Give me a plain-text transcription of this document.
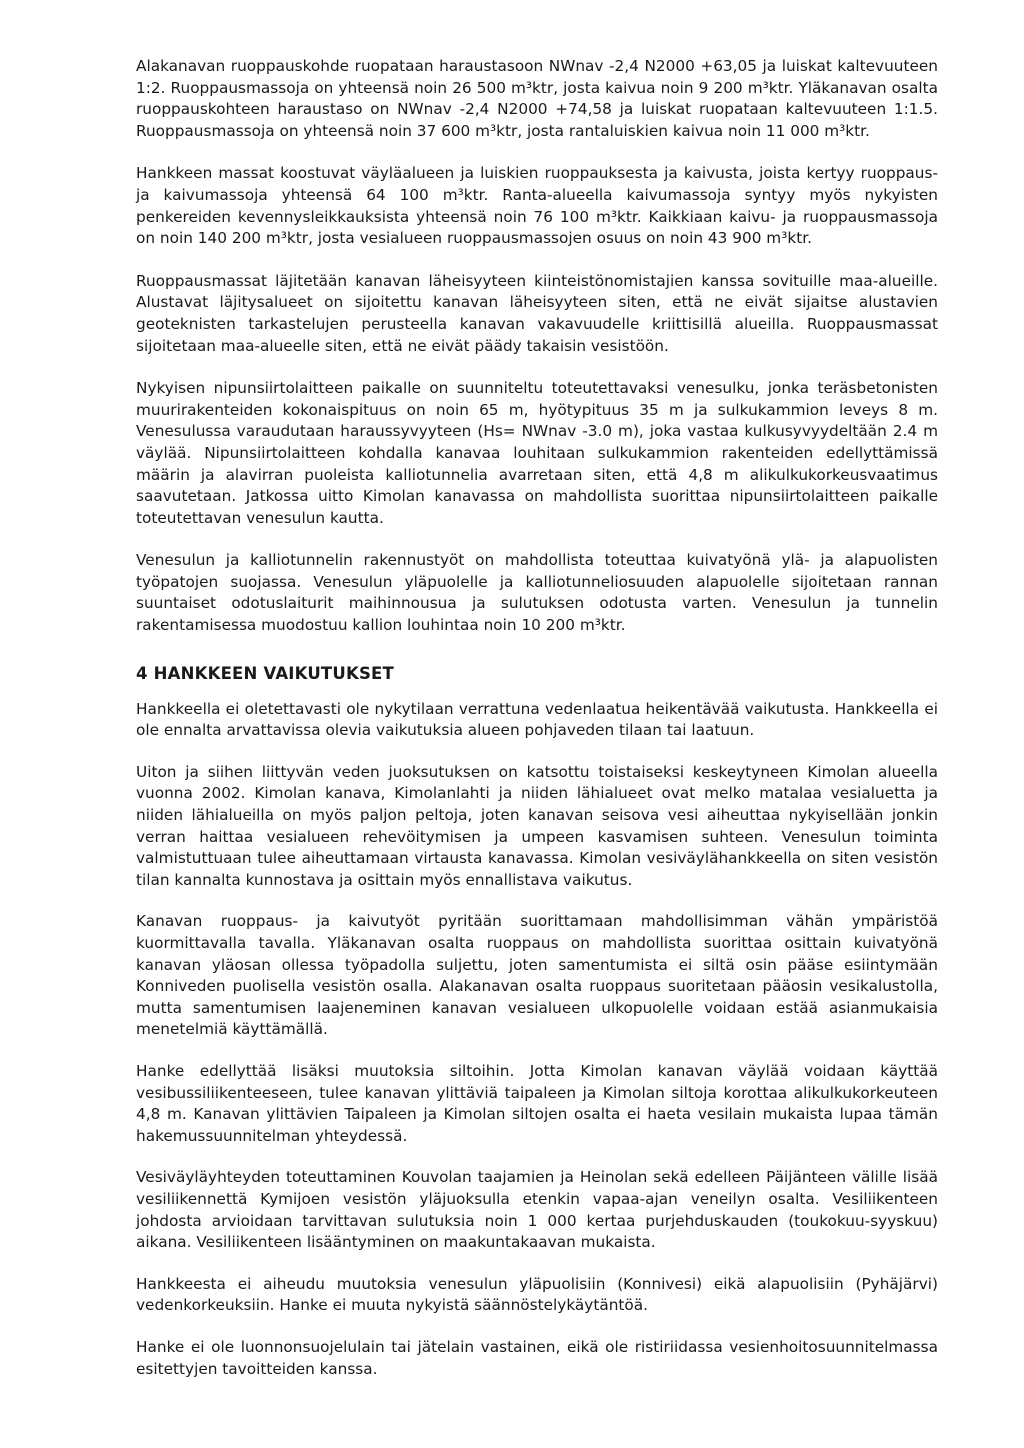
Alakanavan ruoppauskohde ruopataan haraustasoon NWnav -2,4 N2000 +63,05 ja luiskat kaltevuuteen 1:2. Ruoppausmassoja on yhteensä noin 26 500 m³ktr, josta kaivua noin 9 200 m³ktr. Yläkanavan osalta ruoppauskohteen haraustaso on NWnav -2,4 N2000 +74,58 ja luiskat ruopataan kaltevuuteen 1:1.5. Ruoppausmassoja on yhteensä noin 37 600 m³ktr, josta rantaluiskien kaivua noin 11 000 m³ktr.

Hankkeen massat koostuvat väyläalueen ja luiskien ruoppauksesta ja kaivusta, joista kertyy ruoppaus- ja kaivumassoja yhteensä 64 100 m³ktr. Ranta-alueella kaivumassoja syntyy myös nykyisten penkereiden kevennysleikkauksista yhteensä noin 76 100 m³ktr. Kaikkiaan kaivu- ja ruoppausmassoja on noin 140 200 m³ktr, josta vesialueen ruoppausmassojen osuus on noin 43 900 m³ktr.

Ruoppausmassat läjitetään kanavan läheisyyteen kiinteistönomistajien kanssa sovituille maa-alueille. Alustavat läjitysalueet on sijoitettu kanavan läheisyyteen siten, että ne eivät sijaitse alustavien geoteknisten tarkastelujen perusteella kanavan vakavuudelle kriittisillä alueilla. Ruoppausmassat sijoitetaan maa-alueelle siten, että ne eivät päädy takaisin vesistöön.

Nykyisen nipunsiirtolaitteen paikalle on suunniteltu toteutettavaksi venesulku, jonka teräsbetonisten muurirakenteiden kokonaispituus on noin 65 m, hyötypituus 35 m ja sulkukammion leveys 8 m. Venesulussa varaudutaan haraussyvyyteen (Hs= NWnav -3.0 m), joka vastaa kulkusyvyydeltään 2.4 m väylää. Nipunsiirtolaitteen kohdalla kanavaa louhitaan sulkukammion rakenteiden edellyttämissä määrin ja alavirran puoleista kalliotunnelia avarretaan siten, että 4,8 m alikulkukorkeusvaatimus saavutetaan. Jatkossa uitto Kimolan kanavassa on mahdollista suorittaa nipunsiirtolaitteen paikalle toteutettavan venesulun kautta.

Venesulun ja kalliotunnelin rakennustyöt on mahdollista toteuttaa kuivatyönä ylä- ja alapuolisten työpatojen suojassa. Venesulun yläpuolelle ja kalliotunneliosuuden alapuolelle sijoitetaan rannan suuntaiset odotuslaiturit maihinnousua ja sulutuksen odotusta varten. Venesulun ja tunnelin rakentamisessa muodostuu kallion louhintaa noin 10 200 m³ktr.

4 HANKKEEN VAIKUTUKSET

Hankkeella ei oletettavasti ole nykytilaan verrattuna vedenlaatua heikentävää vaikutusta. Hankkeella ei ole ennalta arvattavissa olevia vaikutuksia alueen pohjaveden tilaan tai laatuun.

Uiton ja siihen liittyvän veden juoksutuksen on katsottu toistaiseksi keskeytyneen Kimolan alueella vuonna 2002. Kimolan kanava, Kimolanlahti ja niiden lähialueet ovat melko matalaa vesialuetta ja niiden lähialueilla on myös paljon peltoja, joten kanavan seisova vesi aiheuttaa nykyisellään jonkin verran haittaa vesialueen rehevöitymisen ja umpeen kasvamisen suhteen. Venesulun toiminta valmistuttuaan tulee aiheuttamaan virtausta kanavassa. Kimolan vesiväylähankkeella on siten vesistön tilan kannalta kunnostava ja osittain myös ennallistava vaikutus.

Kanavan ruoppaus- ja kaivutyöt pyritään suorittamaan mahdollisimman vähän ympäristöä kuormittavalla tavalla. Yläkanavan osalta ruoppaus on mahdollista suorittaa osittain kuivatyönä kanavan yläosan ollessa työpadolla suljettu, joten samentumista ei siltä osin pääse esiintymään Konniveden puolisella vesistön osalla. Alakanavan osalta ruoppaus suoritetaan pääosin vesikalustolla, mutta samentumisen laajeneminen kanavan vesialueen ulkopuolelle voidaan estää asianmukaisia menetelmiä käyttämällä.

Hanke edellyttää lisäksi muutoksia siltoihin. Jotta Kimolan kanavan väylää voidaan käyttää vesibussiliikenteeseen, tulee kanavan ylittäviä taipaleen ja Kimolan siltoja korottaa alikulkukorkeuteen 4,8 m. Kanavan ylittävien Taipaleen ja Kimolan siltojen osalta ei haeta vesilain mukaista lupaa tämän hakemussuunnitelman yhteydessä.

Vesiväyläyhteyden toteuttaminen Kouvolan taajamien ja Heinolan sekä edelleen Päijänteen välille lisää vesiliikennettä Kymijoen vesistön yläjuoksulla etenkin vapaa-ajan veneilyn osalta. Vesiliikenteen johdosta arvioidaan tarvittavan sulutuksia noin 1 000 kertaa purjehduskauden (toukokuu-syyskuu) aikana. Vesiliikenteen lisääntyminen on maakuntakaavan mukaista.

Hankkeesta ei aiheudu muutoksia venesulun yläpuolisiin (Konnivesi) eikä alapuolisiin (Pyhäjärvi) vedenkorkeuksiin. Hanke ei muuta nykyistä säännöstelykäytäntöä.

Hanke ei ole luonnonsuojelulain tai jätelain vastainen, eikä ole ristiriidassa vesienhoitosuunnitelmassa esitettyjen tavoitteiden kanssa.
